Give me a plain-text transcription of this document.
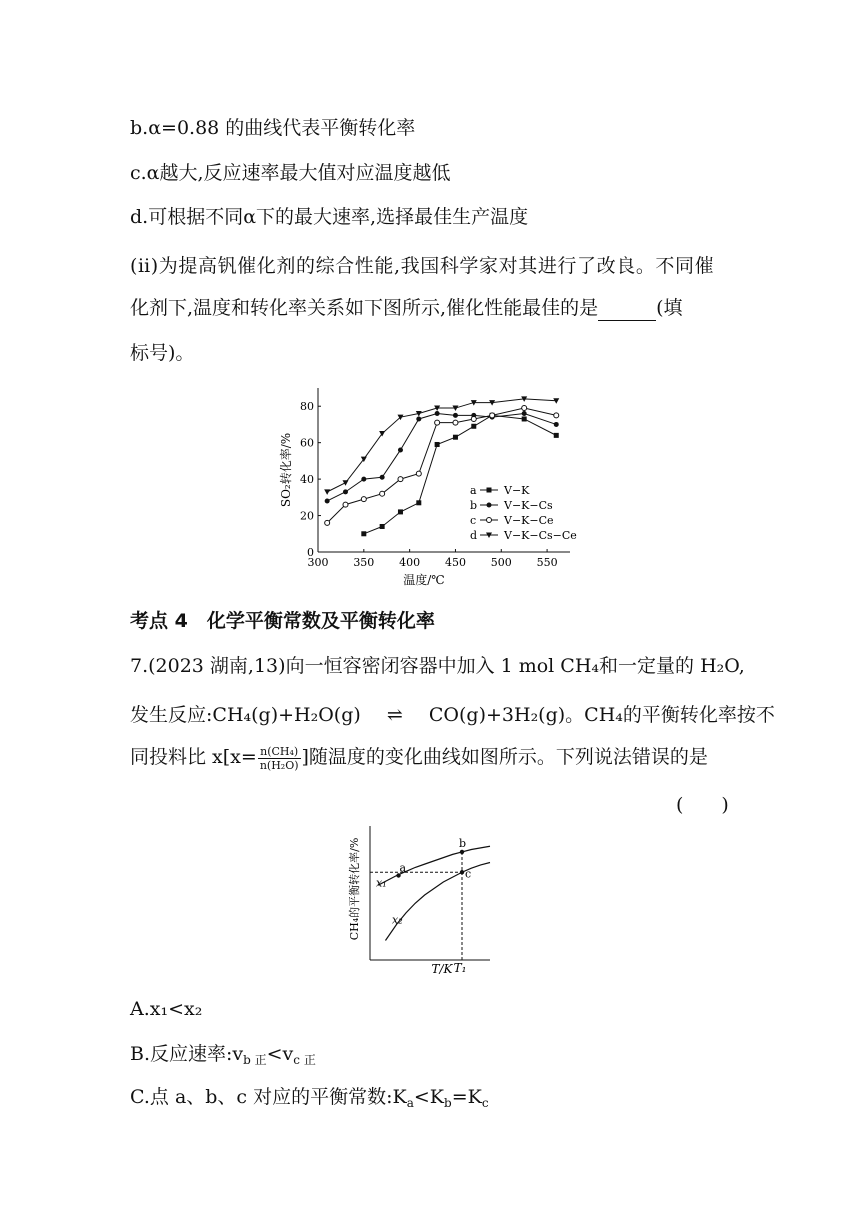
b.α=0.88 的曲线代表平衡转化率
c.α越大,反应速率最大值对应温度越低
d.可根据不同α下的最大速率,选择最佳生产温度
(ⅱ)为提高钒催化剂的综合性能,我国科学家对其进行了改良。不同催
化剂下,温度和转化率关系如下图所示,催化性能最佳的是	(填
标号)。
300 350 400 450 500 550
0
20
40
60
80
温度/℃
SO₂转化率/%	a V−K
b V−K−Cs
c	V−K−Ce
d V−K−Cs−Ce
考点 4　化学平衡常数及平衡转化率
7.(2023 湖南,13)向一恒容密闭容器中加入 1 mol CH₄和一定量的 H₂O,
发生反应:CH₄(g)+H₂O(g) ⇌ CO(g)+3H₂(g)。CH₄的平衡转化率按不
同投料比 $x[x= \frac{\text{n(CH₄)}}{\text{n(H₂O)}}$ ]随温度的变化曲线如图所示。下列说法错误的是
(　　)
CH₄的平衡转化率/%
T/K
a
b
c
x₁
x₂
T₁
A.x₁<x₂
B.反应速率$:v_{b 正}<v_{c 正}$
C.点 a、b、c 对应的平衡常数$:K_a<K_b=K_c$
